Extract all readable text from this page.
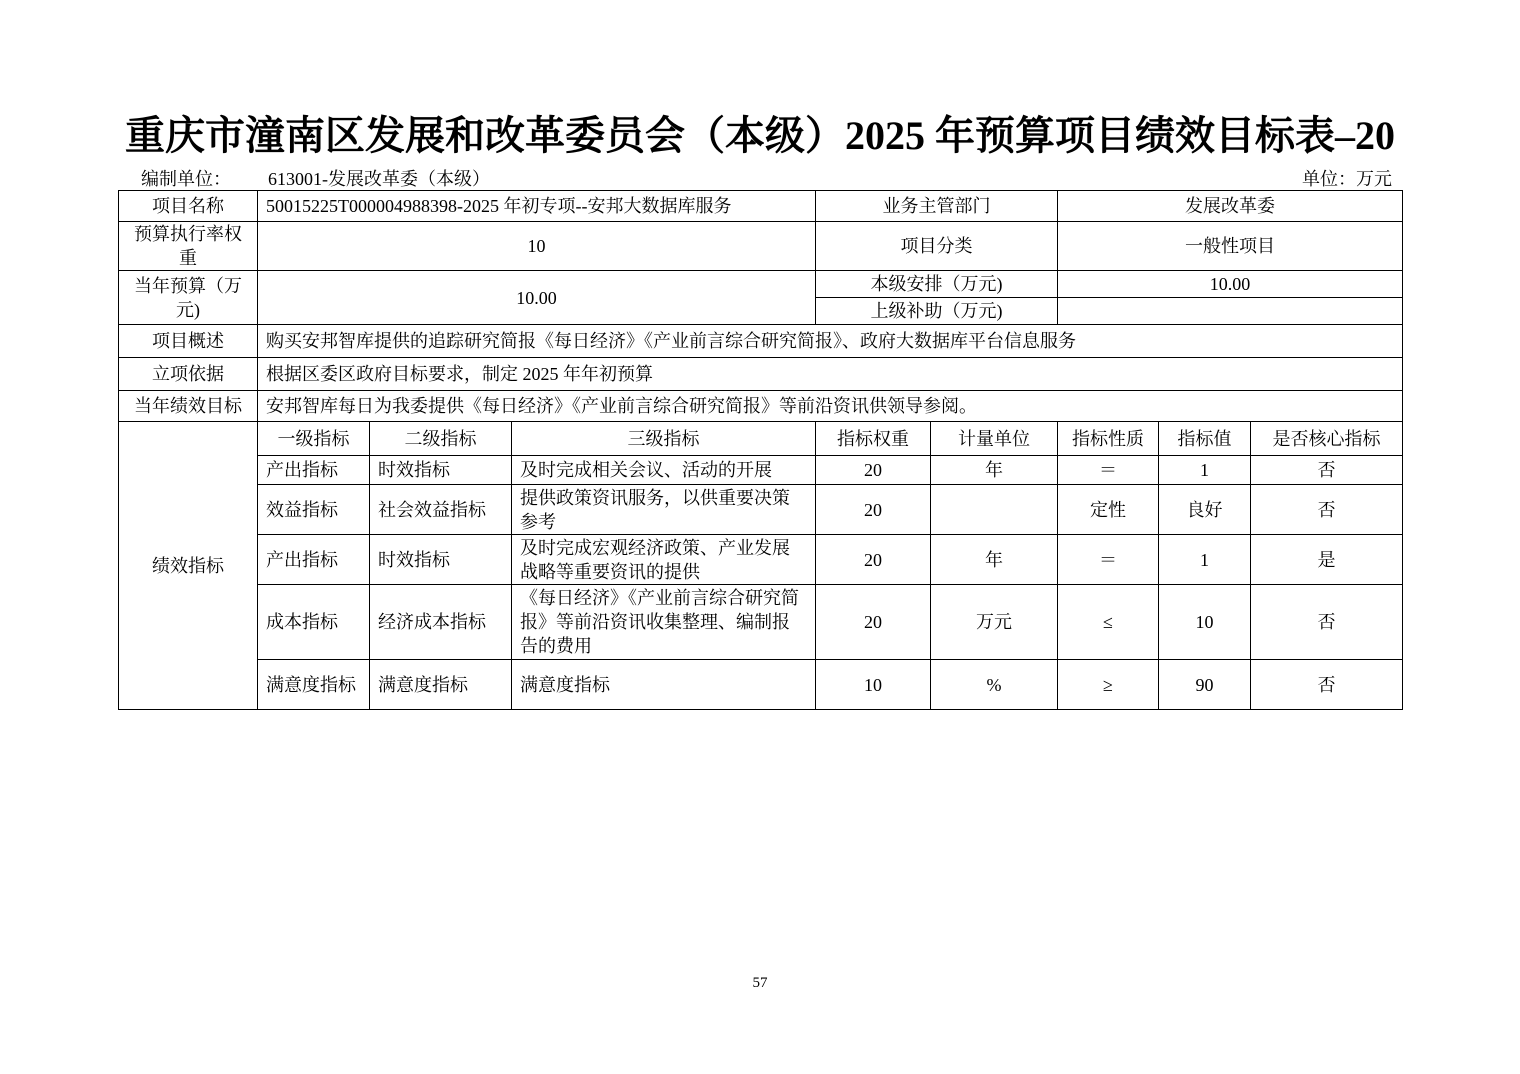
重庆市潼南区发展和改革委员会（本级）2025 年预算项目绩效目标表–20
编制单位： 613001-发展改革委（本级）	单位：万元
项目名称	50015225T000004988398-2025 年初专项--安邦大数据库服务			业务主管部门		发展改革委		
预算执行率权重	10			项目分类		一般性项目		
当年预算（万元)	10.00			本级安排（万元)		10.00		
				上级补助（万元)				
项目概述	购买安邦智库提供的追踪研究简报《每日经济》《产业前言综合研究简报》、政府大数据库平台信息服务							
立项依据	根据区委区政府目标要求，制定 2025 年年初预算							
当年绩效目标	安邦智库每日为我委提供《每日经济》《产业前言综合研究简报》等前沿资讯供领导参阅。							
绩效指标	一级指标	二级指标	三级指标	指标权重	计量单位	指标性质	指标值	是否核心指标
	产出指标	时效指标	及时完成相关会议、活动的开展	20	年	＝	1	否
	效益指标	社会效益指标	提供政策资讯服务，以供重要决策参考	20		定性	良好	否
	产出指标	时效指标	及时完成宏观经济政策、产业发展战略等重要资讯的提供	20	年	＝	1	是
	成本指标	经济成本指标	《每日经济》《产业前言综合研究简报》等前沿资讯收集整理、编制报告的费用	20	万元	≤	10	否
	满意度指标	满意度指标	满意度指标	10	%	≥	90	否
57
